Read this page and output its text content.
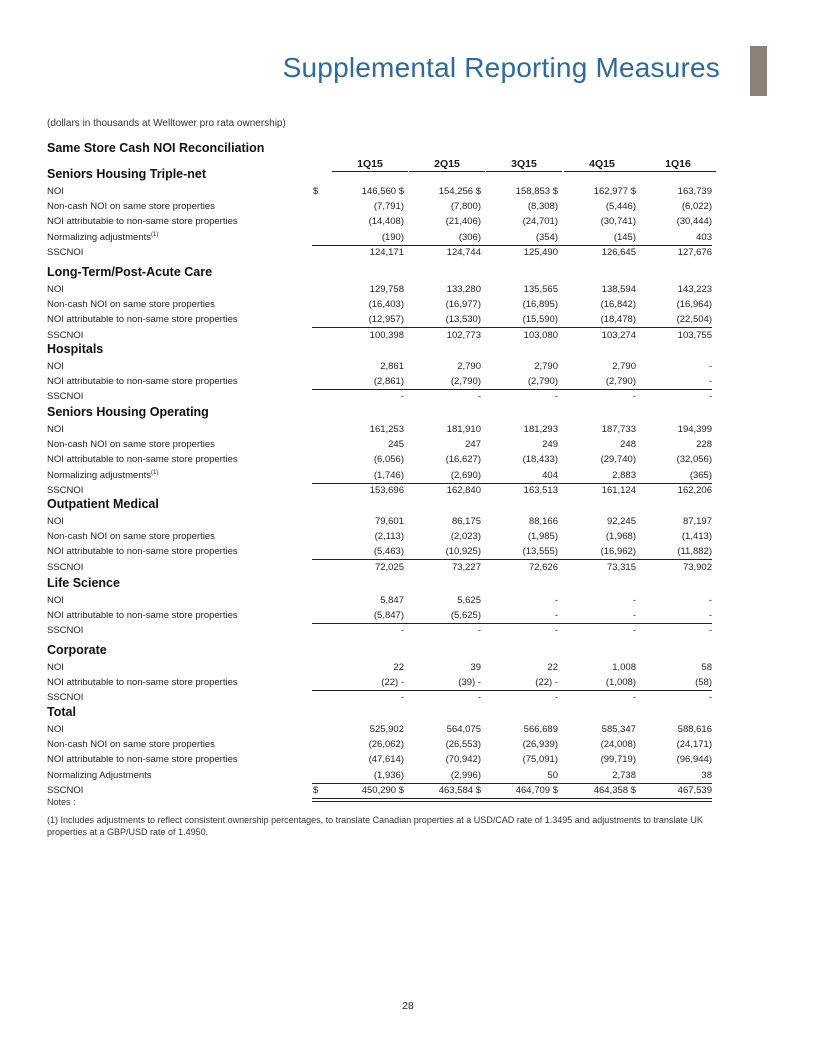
Supplemental Reporting Measures
(dollars in thousands at Welltower pro rata ownership)
Same Store Cash NOI Reconciliation
1Q15	2Q15	3Q15	4Q15	1Q16
Seniors Housing Triple-net
NOI	$	146,560 $	154,256 $	158,853 $	162,977 $	163,739
Non-cash NOI on same store properties	(7,791)	(7,800)	(8,308)	(5,446)	(6,022)
NOI attributable to non-same store properties	(14,408)	(21,406)	(24,701)	(30,741)	(30,444)
Normalizing adjustments$^{(1)}$	(190)	(306)	(354)	(145)	403
SSCNOI	124,171	124,744	125,490	126,645	127,676
Long-Term/Post-Acute Care
NOI	129,758	133,280	135,565	138,594	143,223
Non-cash NOI on same store properties	(16,403)	(16,977)	(16,895)	(16,842)	(16,964)
NOI attributable to non-same store properties	(12,957)	(13,530)	(15,590)	(18,478)	(22,504)
SSCNOI	100,398	102,773	103,080	103,274	103,755
Hospitals
NOI	2,861	2,790	2,790	2,790	-
NOI attributable to non-same store properties	(2,861)	(2,790)	(2,790)	(2,790)	-
SSCNOI	-	-	-	-	-
Seniors Housing Operating
NOI	161,253	181,910	181,293	187,733	194,399
Non-cash NOI on same store properties	245	247	249	248	228
NOI attributable to non-same store properties	(6,056)	(16,627)	(18,433)	(29,740)	(32,056)
Normalizing adjustments$^{(1)}$	(1,746)	(2,690)	404	2,883	(365)
SSCNOI	153,696	162,840	163,513	161,124	162,206
Outpatient Medical
NOI	79,601	86,175	88,166	92,245	87,197
Non-cash NOI on same store properties	(2,113)	(2,023)	(1,985)	(1,968)	(1,413)
NOI attributable to non-same store properties	(5,463)	(10,925)	(13,555)	(16,962)	(11,882)
SSCNOI	72,025	73,227	72,626	73,315	73,902
Life Science
NOI	5,847	5,625	-	-	-
NOI attributable to non-same store properties	(5,847)	(5,625)	-	-	-
SSCNOI	-	-	-	-	-
Corporate
NOI	22	39	22	1,008	58
NOI attributable to non-same store properties	(22) -	(39) -	(22) -	(1,008)	(58)
SSCNOI	-	-	-	-	-
Total
NOI	525,902	564,075	566,689	585,347	588,616
Non-cash NOI on same store properties	(26,062)	(26,553)	(26,939)	(24,008)	(24,171)
NOI attributable to non-same store properties	(47,614)	(70,942)	(75,091)	(99,719)	(96,944)
Normalizing Adjustments	(1,936)	(2,996)	50	2,738	38
SSCNOI	$	450,290 $	463,584 $	464,709 $	464,358 $	467,539
Notes :
(1) Includes adjustments to reflect consistent ownership percentages, to translate Canadian properties at a USD/CAD rate of 1.3495 and adjustments to translate UK properties at a GBP/USD rate of 1.4950.
28
